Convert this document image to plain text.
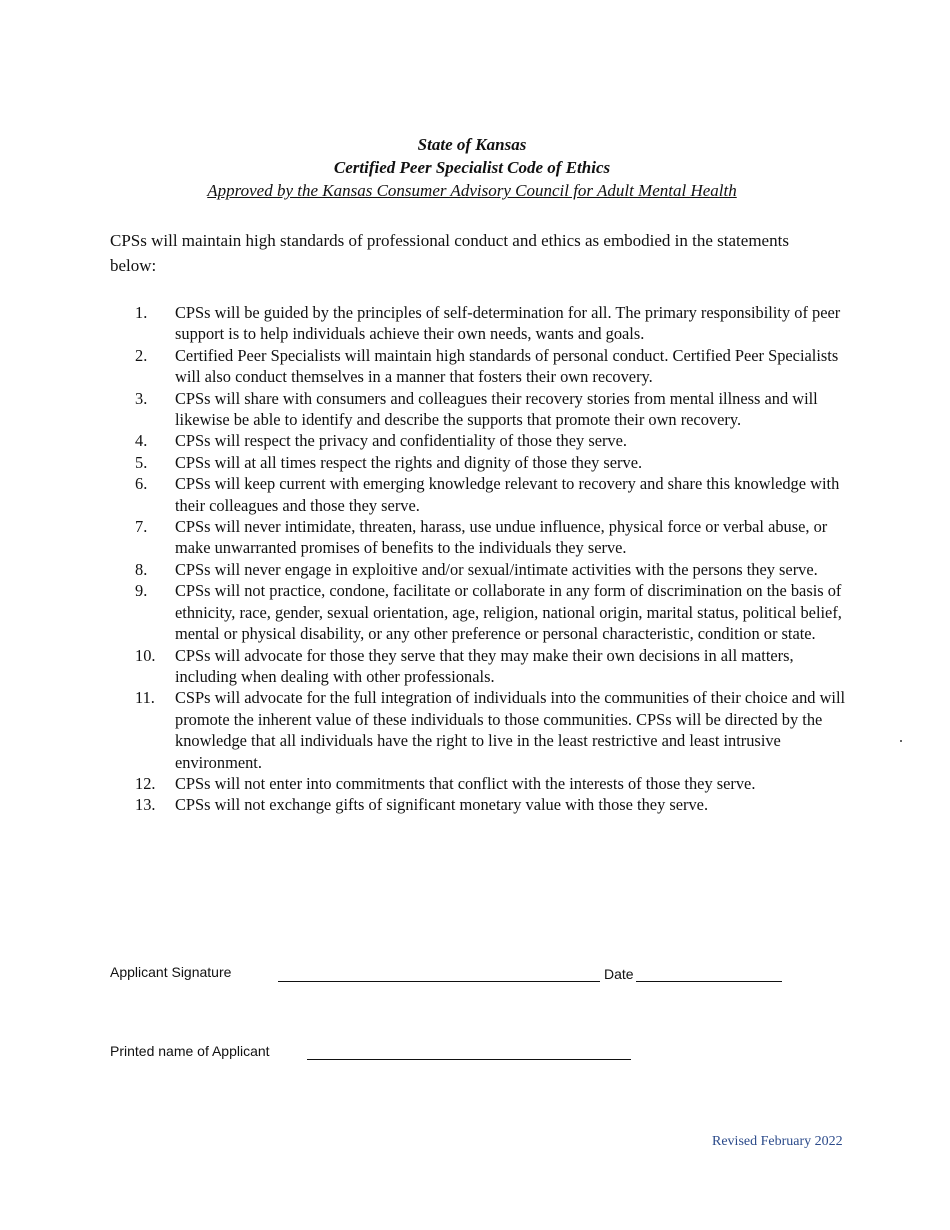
State of Kansas
Certified Peer Specialist Code of Ethics
Approved by the Kansas Consumer Advisory Council for Adult Mental Health
CPSs will maintain high standards of professional conduct and ethics as embodied in the statements below:
1.	CPSs will be guided by the principles of self-determination for all. The primary responsibility of peer support is to help individuals achieve their own needs, wants and goals.
2.	Certified Peer Specialists will maintain high standards of personal conduct. Certified Peer Specialists will also conduct themselves in a manner that fosters their own recovery.
3.	CPSs will share with consumers and colleagues their recovery stories from mental illness and will likewise be able to identify and describe the supports that promote their own recovery.
4.	CPSs will respect the privacy and confidentiality of those they serve.
5.	CPSs will at all times respect the rights and dignity of those they serve.
6.	CPSs will keep current with emerging knowledge relevant to recovery and share this knowledge with their colleagues and those they serve.
7.	CPSs will never intimidate, threaten, harass, use undue influence, physical force or verbal abuse, or make unwarranted promises of benefits to the individuals they serve.
8.	CPSs will never engage in exploitive and/or sexual/intimate activities with the persons they serve.
9.	CPSs will not practice, condone, facilitate or collaborate in any form of discrimination on the basis of ethnicity, race, gender, sexual orientation, age, religion, national origin, marital status, political belief, mental or physical disability, or any other preference or personal characteristic, condition or state.
10.	CPSs will advocate for those they serve that they may make their own decisions in all matters, including when dealing with other professionals.
11.	CSPs will advocate for the full integration of individuals into the communities of their choice and will promote the inherent value of these individuals to those communities. CPSs will be directed by the knowledge that all individuals have the right to live in the least restrictive and least intrusive environment.
12.	CPSs will not enter into commitments that conflict with the interests of those they serve.
13.	CPSs will not exchange gifts of significant monetary value with those they serve.
Applicant Signature	Date
Printed name of Applicant
Revised February 2022
